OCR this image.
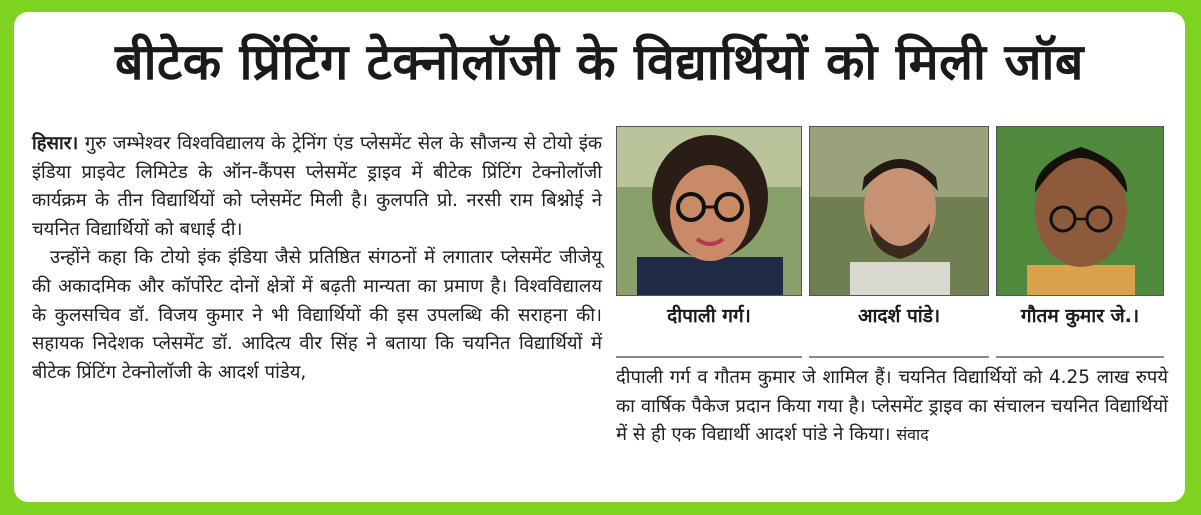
बीटेक प्रिंटिंग टेक्नोलॉजी के विद्यार्थियों को मिली जॉब

हिसार। गुरु जम्भेश्वर विश्वविद्यालय के ट्रेनिंग एंड प्लेसमेंट सेल के सौजन्य से टोयो इंक इंडिया प्राइवेट लिमिटेड के ऑन-कैंपस प्लेसमेंट ड्राइव में बीटेक प्रिंटिंग टेक्नोलॉजी कार्यक्रम के तीन विद्यार्थियों को प्लेसमेंट मिली है। कुलपति प्रो. नरसी राम बिश्नोई ने चयनित विद्यार्थियों को बधाई दी।

उन्होंने कहा कि टोयो इंक इंडिया जैसे प्रतिष्ठित संगठनों में लगातार प्लेसमेंट जीजेयू की अकादमिक और कॉर्पोरेट दोनों क्षेत्रों में बढ़ती मान्यता का प्रमाण है। विश्वविद्यालय के कुलसचिव डॉ. विजय कुमार ने भी विद्यार्थियों की इस उपलब्धि की सराहना की। सहायक निदेशक प्लेसमेंट डॉ. आदित्य वीर सिंह ने बताया कि चयनित विद्यार्थियों में बीटेक प्रिंटिंग टेक्नोलॉजी के आदर्श पांडेय,

दीपाली गर्ग।	आदर्श पांडे।	गौतम कुमार जे.।

दीपाली गर्ग व गौतम कुमार जे शामिल हैं। चयनित विद्यार्थियों को 4.25 लाख रुपये का वार्षिक पैकेज प्रदान किया गया है। प्लेसमेंट ड्राइव का संचालन चयनित विद्यार्थियों में से ही एक विद्यार्थी आदर्श पांडे ने किया। संवाद
